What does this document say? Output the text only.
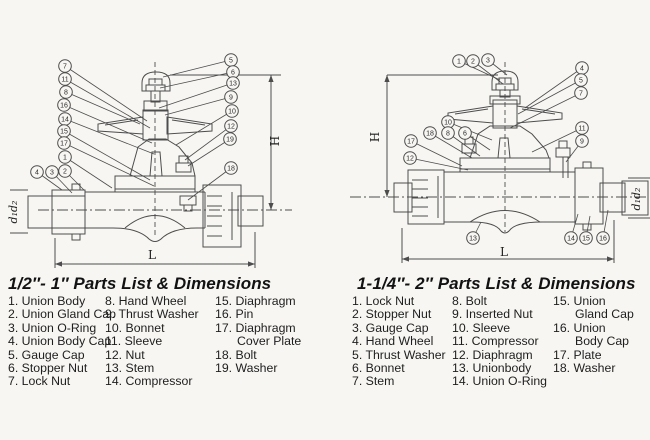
H
L
d₁d₂
H
L
d₁d₂
7
11
8
16
14
15
17
1
4 3 2
5
6
13
9
10
12
19
18
1 2 3
4
5
7
11
9
10
18 8 6
17
12
13	14 15 16
1/2″- 1″ Parts List & Dimensions	1-1/4″- 2″ Parts List & Dimensions
1. Union Body
2. Union Gland Cap
3. Union O-Ring
4. Union Body Cap
5. Gauge Cap
6. Stopper Nut
7. Lock Nut
8. Hand Wheel
9. Thrust Washer
10. Bonnet
11. Sleeve
12. Nut
13. Stem
14. Compressor
15. Diaphragm
16. Pin
17. Diaphragm
Cover Plate
18. Bolt
19. Washer
1. Lock Nut
2. Stopper Nut
3. Gauge Cap
4. Hand Wheel
5. Thrust Washer
6. Bonnet
7. Stem
8. Bolt
9. Inserted Nut
10. Sleeve
11. Compressor
12. Diaphragm
13. Unionbody
14. Union O-Ring
15. Union
Gland Cap
16. Union
Body Cap
17. Plate
18. Washer
